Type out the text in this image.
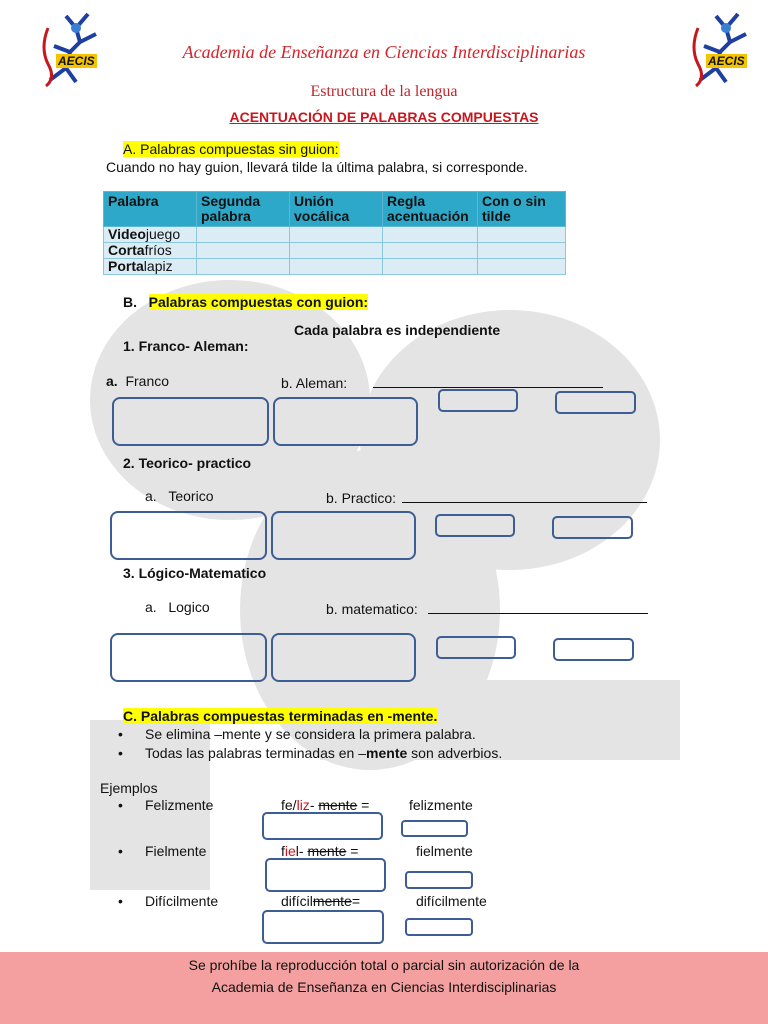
AECIS	AECIS
Academia de Enseñanza en Ciencias Interdisciplinarias
Estructura de la lengua
ACENTUACIÓN DE PALABRAS COMPUESTAS
A. Palabras compuestas sin guion:
Cuando no hay guion, llevará tilde la última palabra, si corresponde.
Palabra	Segunda palabra	Unión vocálica	Regla acentuación	Con o sin tilde
Videojuego				
Cortafríos				
Portalapiz				
B. Palabras compuestas con guion:
Cada palabra es independiente
1. Franco- Aleman:
a. Franco	b. Aleman:
2. Teorico- practico
a. Teorico	b. Practico:
3. Lógico-Matematico
a. Logico	b. matematico:
C. Palabras compuestas terminadas en -mente.
• Se elimina –mente y se considera la primera palabra.
• Todas las palabras terminadas en –mente son adverbios.
Ejemplos
• Felizmente	fe/liz- mente =	felizmente
• Fielmente	fiel- mente =	fielmente
• Difícilmente	difícilmente=	difícilmente
Se prohíbe la reproducción total o parcial sin autorización de la
Academia de Enseñanza en Ciencias Interdisciplinarias
